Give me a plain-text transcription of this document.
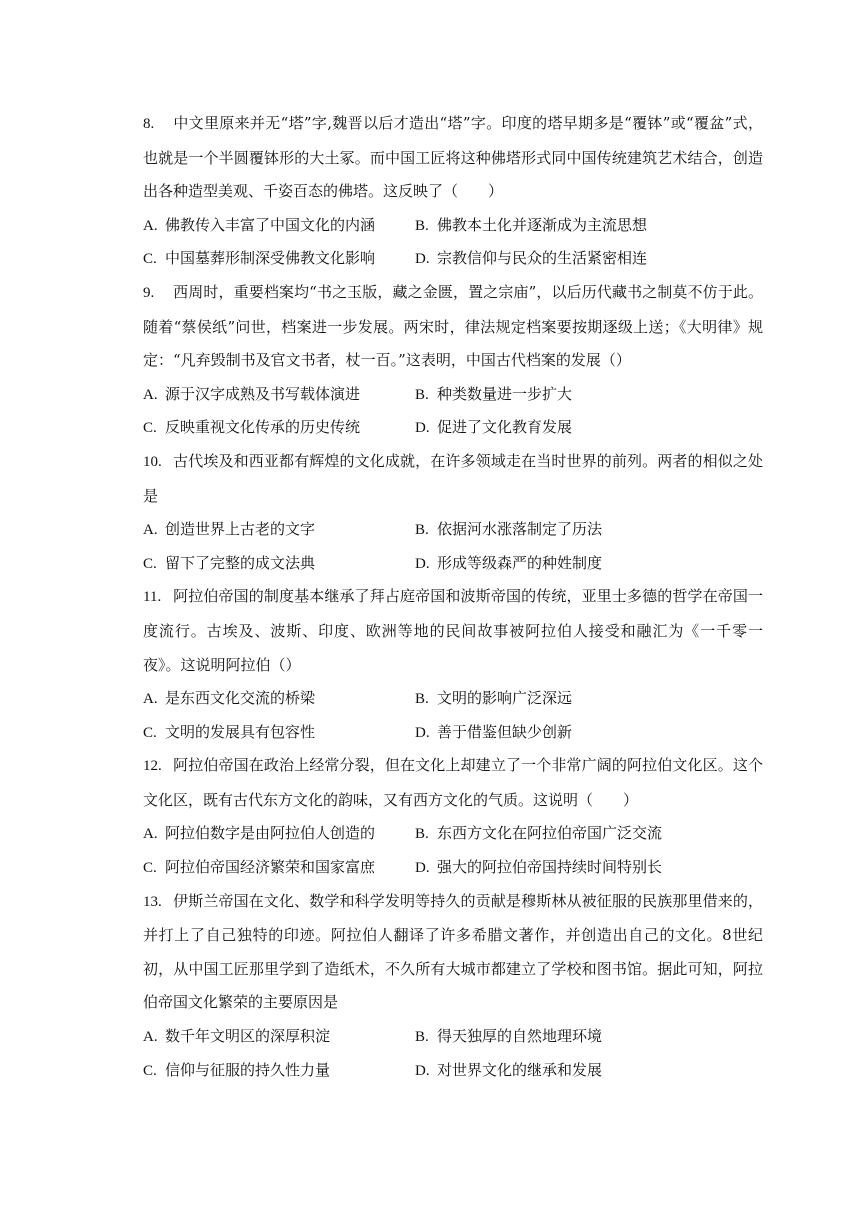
8. 中文里原来并无“塔”字,魏晋以后才造出“塔”字。印度的塔早期多是“覆钵”或“覆盆”式，也就是一个半圆覆钵形的大土冢。而中国工匠将这种佛塔形式同中国传统建筑艺术结合，创造出各种造型美观、千姿百态的佛塔。这反映了（　　）

A. 佛教传入丰富了中国文化的内涵	B. 佛教本土化并逐渐成为主流思想
C. 中国墓葬形制深受佛教文化影响	D. 宗教信仰与民众的生活紧密相连

9. 西周时，重要档案均“书之玉版，藏之金匮，置之宗庙”，以后历代藏书之制莫不仿于此。随着“蔡侯纸”问世，档案进一步发展。两宋时，律法规定档案要按期逐级上送；《大明律》规定：“凡弃毁制书及官文书者，杖一百。”这表明，中国古代档案的发展（）

A. 源于汉字成熟及书写载体演进	B. 种类数量进一步扩大
C. 反映重视文化传承的历史传统	D. 促进了文化教育发展

10. 古代埃及和西亚都有辉煌的文化成就，在许多领域走在当时世界的前列。两者的相似之处是

A. 创造世界上古老的文字	B. 依据河水涨落制定了历法
C. 留下了完整的成文法典	D. 形成等级森严的种姓制度

11. 阿拉伯帝国的制度基本继承了拜占庭帝国和波斯帝国的传统，亚里士多德的哲学在帝国一度流行。古埃及、波斯、印度、欧洲等地的民间故事被阿拉伯人接受和融汇为《一千零一夜》。这说明阿拉伯（）

A. 是东西文化交流的桥梁	B. 文明的影响广泛深远
C. 文明的发展具有包容性	D. 善于借鉴但缺少创新

12. 阿拉伯帝国在政治上经常分裂，但在文化上却建立了一个非常广阔的阿拉伯文化区。这个文化区，既有古代东方文化的韵味，又有西方文化的气质。这说明（　　）

A. 阿拉伯数字是由阿拉伯人创造的	B. 东西方文化在阿拉伯帝国广泛交流
C. 阿拉伯帝国经济繁荣和国家富庶	D. 强大的阿拉伯帝国持续时间特别长

13. 伊斯兰帝国在文化、数学和科学发明等持久的贡献是穆斯林从被征服的民族那里借来的，并打上了自己独特的印迹。阿拉伯人翻译了许多希腊文著作，并创造出自己的文化。8世纪初，从中国工匠那里学到了造纸术，不久所有大城市都建立了学校和图书馆。据此可知，阿拉伯帝国文化繁荣的主要原因是

A. 数千年文明区的深厚积淀	B. 得天独厚的自然地理环境
C. 信仰与征服的持久性力量	D. 对世界文化的继承和发展
